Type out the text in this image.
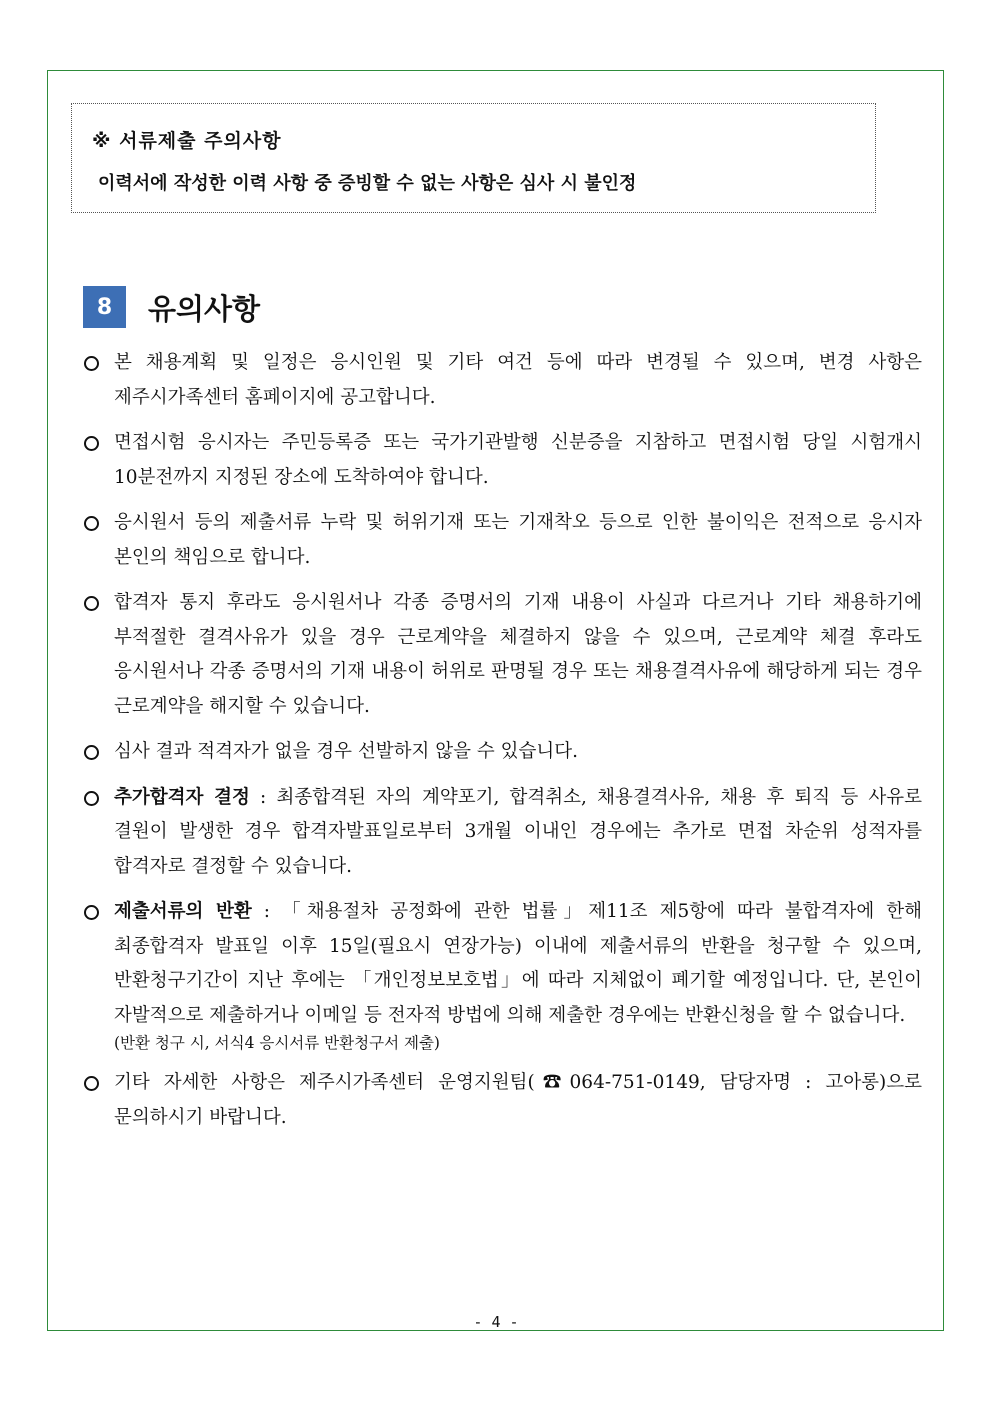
※ 서류제출 주의사항

이력서에 작성한 이력 사항 중 증빙할 수 없는 사항은 심사 시 불인정

8	유의사항
본 채용계획 및 일정은 응시인원 및 기타 여건 등에 따라 변경될 수 있으며, 변경 사항은 제주시가족센터 홈페이지에 공고합니다.
면접시험 응시자는 주민등록증 또는 국가기관발행 신분증을 지참하고 면접시험 당일 시험개시 10분전까지 지정된 장소에 도착하여야 합니다.
응시원서 등의 제출서류 누락 및 허위기재 또는 기재착오 등으로 인한 불이익은 전적으로 응시자 본인의 책임으로 합니다.
합격자 통지 후라도 응시원서나 각종 증명서의 기재 내용이 사실과 다르거나 기타 채용하기에 부적절한 결격사유가 있을 경우 근로계약을 체결하지 않을 수 있으며, 근로계약 체결 후라도 응시원서나 각종 증명서의 기재 내용이 허위로 판명될 경우 또는 채용결격사유에 해당하게 되는 경우 근로계약을 해지할 수 있습니다.
심사 결과 적격자가 없을 경우 선발하지 않을 수 있습니다.
추가합격자 결정 : 최종합격된 자의 계약포기, 합격취소, 채용결격사유, 채용 후 퇴직 등 사유로 결원이 발생한 경우 합격자발표일로부터 3개월 이내인 경우에는 추가로 면접 차순위 성적자를 합격자로 결정할 수 있습니다.
제출서류의 반환 : 「채용절차 공정화에 관한 법률」제11조 제5항에 따라 불합격자에 한해 최종합격자 발표일 이후 15일(필요시 연장가능) 이내에 제출서류의 반환을 청구할 수 있으며, 반환청구기간이 지난 후에는 「개인정보보호법」에 따라 지체없이 폐기할 예정입니다. 단, 본인이 자발적으로 제출하거나 이메일 등 전자적 방법에 의해 제출한 경우에는 반환신청을 할 수 없습니다.
(반환 청구 시, 서식4 응시서류 반환청구서 제출)
기타 자세한 사항은 제주시가족센터 운영지원팀(☎064-751-0149, 담당자명 : 고아롱)으로 문의하시기 바랍니다.
- 4 -
